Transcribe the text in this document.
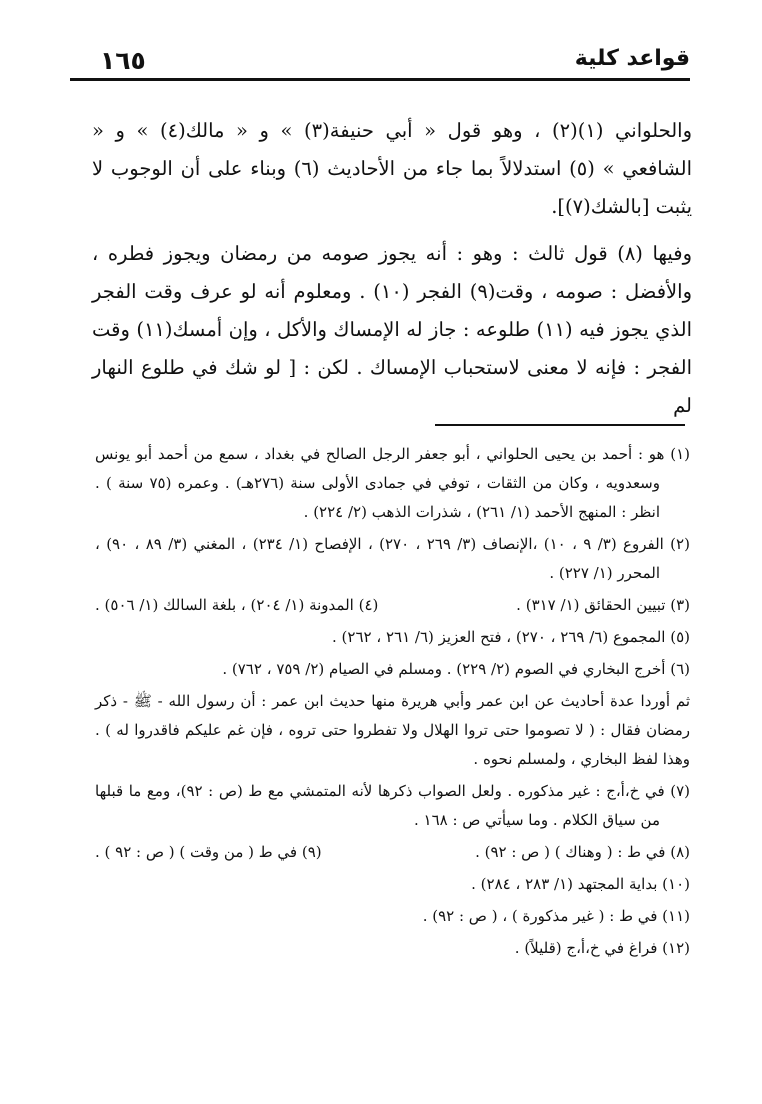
قواعد كلية
١٦٥

والحلواني (١)(٢) ، وهو قول « أبي حنيفة(٣) » و « مالك(٤) » و « الشافعي » (٥) استدلالاً بما جاء من الأحاديث (٦) وبناء على أن الوجوب لا يثبت [بالشك(٧)].

وفيها (٨) قول ثالث : وهو : أنه يجوز صومه من رمضان ويجوز فطره ، والأفضل : صومه ، وقت(٩) الفجر (١٠) . ومعلوم أنه لو عرف وقت الفجر الذي يجوز فيه (١١) طلوعه : جاز له الإمساك والأكل ، وإن أمسك(١١) وقت الفجر : فإنه لا معنى لاستحباب الإمساك . لكن : [ لو شك في طلوع النهار لم

(١) هو : أحمد بن يحيى الحلواني ، أبو جعفر الرجل الصالح في بغداد ، سمع من أحمد أبو يونس وسعدويه ، وكان من الثقات ، توفي في جمادى الأولى سنة (٢٧٦هـ) . وعمره (٧٥ سنة ) . انظر : المنهج الأحمد (١/ ٢٦١) ، شذرات الذهب (٢/ ٢٢٤) .

(٢) الفروع (٣/ ٩ ، ١٠) ،الإنصاف (٣/ ٢٦٩ ، ٢٧٠) ، الإفصاح (١/ ٢٣٤) ، المغني (٣/ ٨٩ ، ٩٠) ، المحرر (١/ ٢٢٧) .

(٣) تبيين الحقائق (١/ ٣١٧) .
(٤) المدونة (١/ ٢٠٤) ، بلغة السالك (١/ ٥٠٦) .

(٥) المجموع (٦/ ٢٦٩ ، ٢٧٠) ، فتح العزيز (٦/ ٢٦١ ، ٢٦٢) .

(٦) أخرج البخاري في الصوم (٢/ ٢٢٩) . ومسلم في الصيام (٢/ ٧٥٩ ، ٧٦٢) .

ثم أوردا عدة أحاديث عن ابن عمر وأبي هريرة منها حديث ابن عمر : أن رسول الله - ﷺ - ذكر رمضان فقال : ( لا تصوموا حتى تروا الهلال ولا تفطروا حتى تروه ، فإن غم عليكم فاقدروا له ) . وهذا لفظ البخاري ، ولمسلم نحوه .

(٧) في خ،أ،ج : غير مذكوره . ولعل الصواب ذكرها لأنه المتمشي مع ط (ص : ٩٢)، ومع ما قبلها من سياق الكلام . وما سيأتي ص : ١٦٨ .

(٨) في ط : ( وهناك ) ( ص : ٩٢) .
(٩) في ط ( من وقت ) ( ص : ٩٢ ) .

(١٠) بداية المجتهد (١/ ٢٨٣ ، ٢٨٤) .

(١١) في ط : ( غير مذكورة ) ، ( ص : ٩٢) .

(١٢) فراغ في خ،أ،ج (قليلاً) .
